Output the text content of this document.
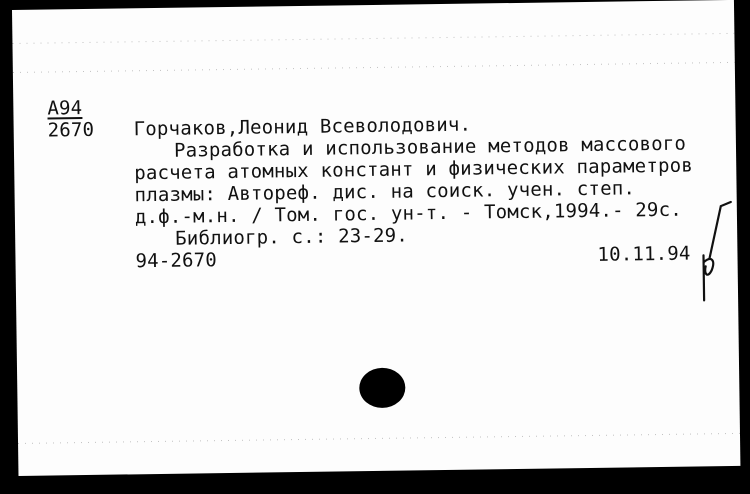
А94
2670 Горчаков,Леонид Всеволодович.
Разработка и использование методов массового
расчета атомных констант и физических параметров
плазмы: Автореф. дис. на соиск. учен. степ.
д.ф.-м.н. / Том. гос. ун-т. - Томск,1994.- 29с.
Библиогр. с.: 23-29.
94-2670	10.11.94
